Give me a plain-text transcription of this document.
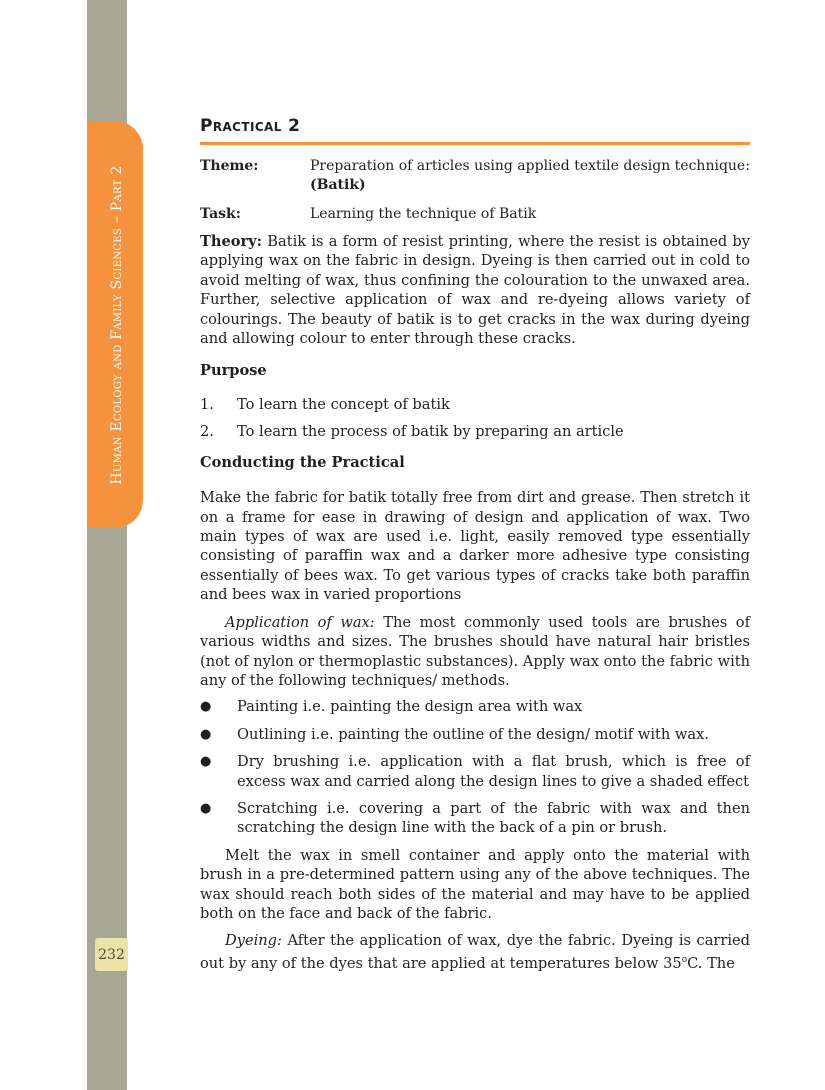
Human Ecology and Family Sciences – Part 2
232
Practical 2
Theme:	Preparation of articles using applied textile design technique:
(Batik)
Task:	Learning the technique of Batik

Theory: Batik is a form of resist printing, where the resist is obtained by applying wax on the fabric in design. Dyeing is then carried out in cold to avoid melting of wax, thus confining the colouration to the unwaxed area. Further, selective application of wax and re-dyeing allows variety of colourings. The beauty of batik is to get cracks in the wax during dyeing and allowing colour to enter through these cracks.

Purpose
1.	To learn the concept of batik
2.	To learn the process of batik by preparing an article
Conducting the Practical

Make the fabric for batik totally free from dirt and grease. Then stretch it on a frame for ease in drawing of design and application of wax. Two main types of wax are used i.e. light, easily removed type essentially consisting of paraffin wax and a darker more adhesive type consisting essentially of bees wax. To get various types of cracks take both paraffin and bees wax in varied proportions

Application of wax: The most commonly used tools are brushes of various widths and sizes. The brushes should have natural hair bristles (not of nylon or thermoplastic substances). Apply wax onto the fabric with any of the following techniques/ methods.

●	Painting i.e. painting the design area with wax
●	Outlining i.e. painting the outline of the design/ motif with wax.
●	Dry brushing i.e. application with a flat brush, which is free of excess wax and carried along the design lines to give a shaded effect
●	Scratching i.e. covering a part of the fabric with wax and then scratching the design line with the back of a pin or brush.

Melt the wax in smell container and apply onto the material with brush in a pre-determined pattern using any of the above techniques. The wax should reach both sides of the material and may have to be applied both on the face and back of the fabric.

Dyeing: After the application of wax, dye the fabric. Dyeing is carried out by any of the dyes that are applied at temperatures below 35$^o$C. The
